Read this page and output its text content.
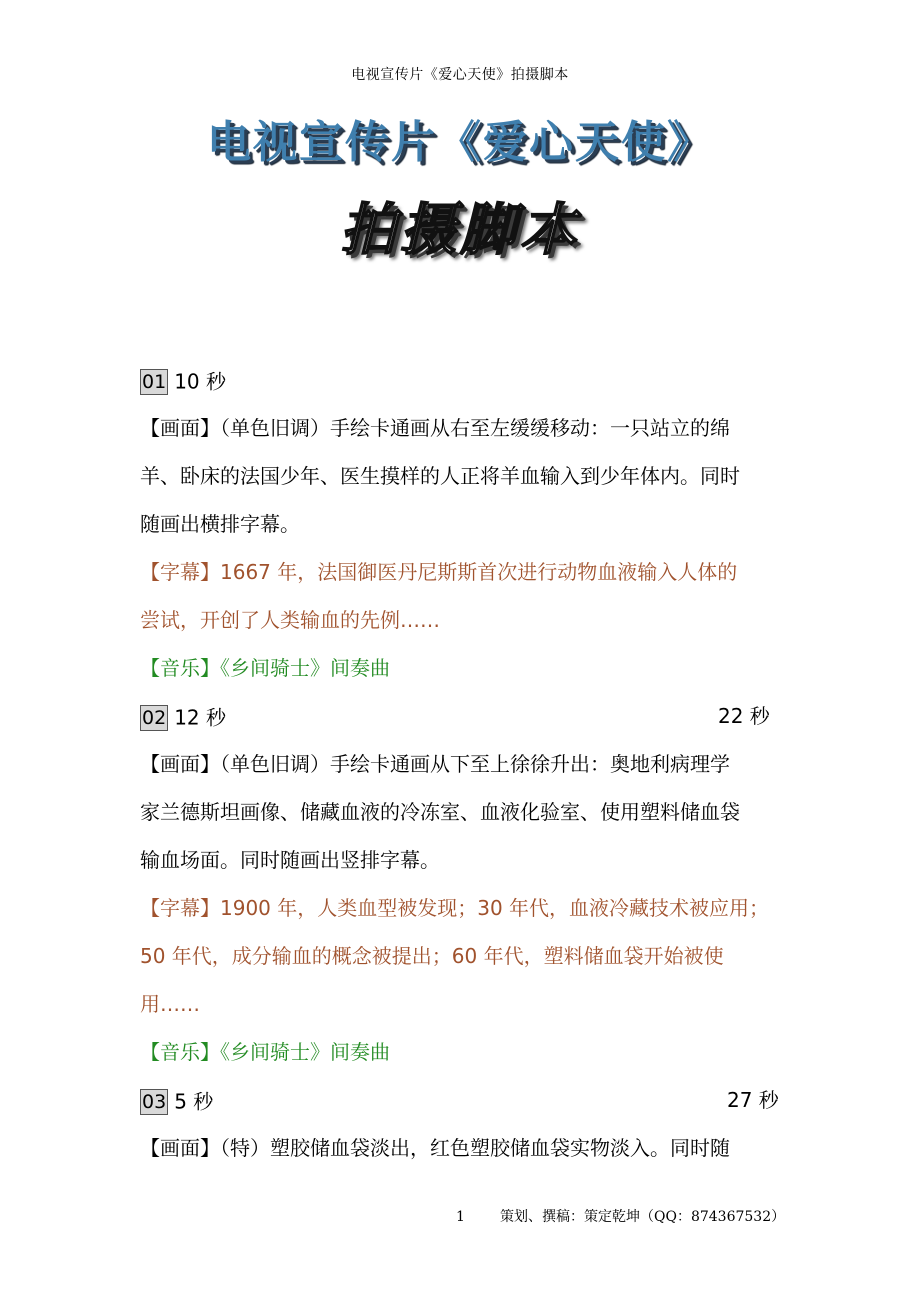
电视宣传片《爱心天使》拍摄脚本
电视宣传片《爱心天使》
拍摄脚本
01 10 秒
【画面】（单色旧调）手绘卡通画从右至左缓缓移动：一只站立的绵
羊、卧床的法国少年、医生摸样的人正将羊血输入到少年体内。同时
随画出横排字幕。
【字幕】1667 年，法国御医丹尼斯斯首次进行动物血液输入人体的
尝试，开创了人类输血的先例……
【音乐】《乡间骑士》间奏曲
02 12 秒	22 秒
【画面】（单色旧调）手绘卡通画从下至上徐徐升出：奥地利病理学
家兰德斯坦画像、储藏血液的冷冻室、血液化验室、使用塑料储血袋
输血场面。同时随画出竖排字幕。
【字幕】1900 年，人类血型被发现；30 年代，血液冷藏技术被应用；
50 年代，成分输血的概念被提出；60 年代，塑料储血袋开始被使
用……
【音乐】《乡间骑士》间奏曲
03 5 秒	27 秒
【画面】（特）塑胶储血袋淡出，红色塑胶储血袋实物淡入。同时随
1	策划、撰稿：策定乾坤（QQ：874367532）
